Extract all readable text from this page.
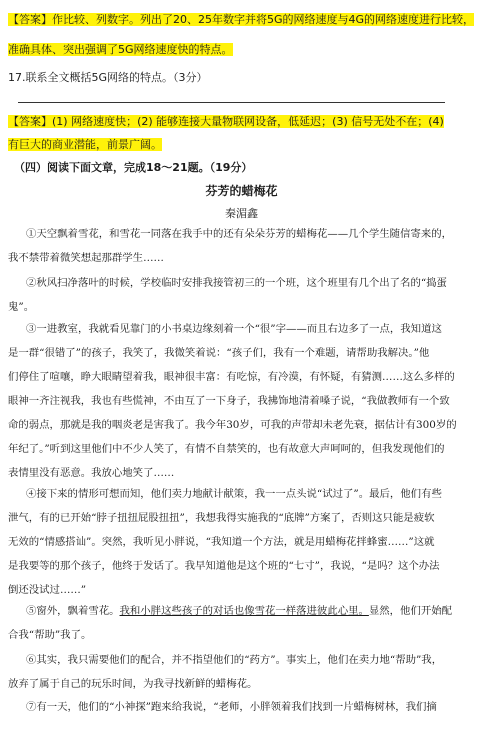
【答案】作比较、列数字。列出了20、25年数字并将5G的网络速度与4G的网络速度进行比较，
准确具体、突出强调了5G网络速度快的特点。
17.联系全文概括5G网络的特点。（3分）
【答案】(1) 网络速度快；(2) 能够连接大量物联网设备，低延迟；(3) 信号无处不在；(4)
有巨大的商业潜能，前景广阔。
（四）阅读下面文章，完成18～21题。（19分）
芬芳的蜡梅花
秦湄鑫
①天空飘着雪花，和雪花一同落在我手中的还有朵朵芬芳的蜡梅花——几个学生随信寄来的，
我不禁带着微笑想起那群学生……
②秋风扫净落叶的时候，学校临时安排我接管初三的一个班，这个班里有几个出了名的“捣蛋
鬼”。
③一进教室，我就看见靠门的小书桌边缘刻着一个“很”字——而且右边多了一点，我知道这
是一群“很错了”的孩子，我笑了，我微笑着说：“孩子们，我有一个难题，请帮助我解决。”他
们停住了喧嚷，睁大眼睛望着我，眼神很丰富：有吃惊，有冷漠，有怀疑，有猜测……这么多样的
眼神一齐注视我，我也有些慌神，不由互了一下身子，我拂饰地清着嗓子说，“我做教师有一个致
命的弱点，那就是我的咽炎老是害我了。我今年30岁，可我的声带却未老先衰，据估计有300岁的
年纪了。”听到这里他们中不少人笑了，有情不自禁笑的，也有故意大声呵呵的，但我发现他们的
表情里没有恶意。我放心地笑了……
④接下来的情形可想而知，他们卖力地献计献策，我一一点头说“试过了”。最后，他们有些
泄气，有的已开始“脖子扭扭屁股扭扭”，我想我得实施我的“底牌”方案了，否则这只能是疲软
无效的“情感搭讪”。突然，我听见小胖说，“我知道一个方法，就是用蜡梅花拌蜂蜜……”这就
是我要等的那个孩子，他终于发话了。我早知道他是这个班的“七寸”，我说，“是吗？这个办法
倒还没试过……”
⑤窗外，飘着雪花。我和小胖这些孩子的对话也像雪花一样落进彼此心里。显然，他们开始配
合我“帮助”我了。
⑥其实，我只需要他们的配合，并不指望他们的“药方”。事实上，他们在卖力地“帮助”我，
放弃了属于自己的玩乐时间，为我寻找新鲜的蜡梅花。
⑦有一天，他们的“小神探”跑来给我说，“老师，小胖领着我们找到一片蜡梅树林，我们摘
